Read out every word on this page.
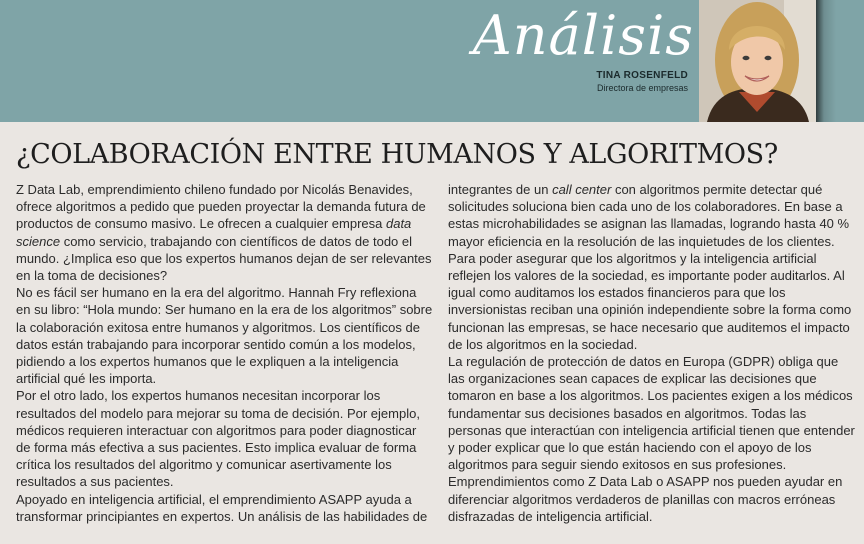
Análisis
TINA ROSENFELD
Directora de empresas
¿COLABORACIÓN ENTRE HUMANOS Y ALGORITMOS?

Z Data Lab, emprendimiento chileno fundado por Nicolás Benavides, ofrece algoritmos a pedido que pueden proyectar la demanda futura de productos de consumo masivo. Le ofrecen a cualquier empresa data science como servicio, trabajando con científicos de datos de todo el mundo. ¿Implica eso que los expertos humanos dejan de ser relevantes en la toma de decisiones?

No es fácil ser humano en la era del algoritmo. Hannah Fry reflexiona en su libro: “Hola mundo: Ser humano en la era de los algoritmos” sobre la colaboración exitosa entre humanos y algoritmos. Los científicos de datos están trabajando para incorporar sentido común a los modelos, pidiendo a los expertos humanos que le expliquen a la inteligencia artificial qué les importa.

Por el otro lado, los expertos humanos necesitan incorporar los resultados del modelo para mejorar su toma de decisión. Por ejemplo, médicos requieren interactuar con algoritmos para poder diagnosticar de forma más efectiva a sus pacientes. Esto implica evaluar de forma crítica los resultados del algoritmo y comunicar asertivamente los resultados a sus pacientes.

Apoyado en inteligencia artificial, el emprendimiento ASAPP ayuda a transformar principiantes en expertos. Un análisis de las habilidades de

integrantes de un call center con algoritmos permite detectar qué solicitudes soluciona bien cada uno de los colaboradores. En base a estas microhabilidades se asignan las llamadas, logrando hasta 40 % mayor eficiencia en la resolución de las inquietudes de los clientes.

Para poder asegurar que los algoritmos y la inteligencia artificial reflejen los valores de la sociedad, es importante poder auditarlos. Al igual como auditamos los estados financieros para que los inversionistas reciban una opinión independiente sobre la forma como funcionan las empresas, se hace necesario que auditemos el impacto de los algoritmos en la sociedad.

La regulación de protección de datos en Europa (GDPR) obliga que las organizaciones sean capaces de explicar las decisiones que tomaron en base a los algoritmos. Los pacientes exigen a los médicos fundamentar sus decisiones basados en algoritmos. Todas las personas que interactúan con inteligencia artificial tienen que entender y poder explicar que lo que están haciendo con el apoyo de los algoritmos para seguir siendo exitosos en sus profesiones. Emprendimientos como Z Data Lab o ASAPP nos pueden ayudar en diferenciar algoritmos verdaderos de planillas con macros erróneas disfrazadas de inteligencia artificial.
